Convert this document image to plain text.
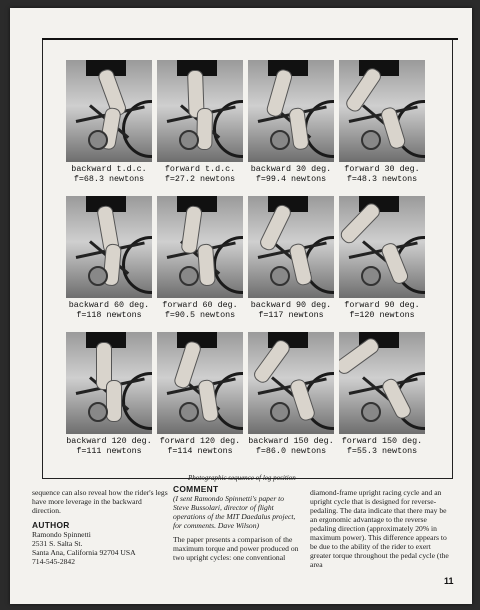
backward t.d.c.
f=68.3 newtons
forward t.d.c.
f=27.2 newtons
backward 30 deg.
f=99.4 newtons
forward 30 deg.
f=48.3 newtons
backward 60 deg.
f=118 newtons
forward 60 deg.
f=90.5 newtons
backward 90 deg.
f=117 newtons
forward 90 deg.
f=120 newtons
backward 120 deg.
f=111 newtons
forward 120 deg.
f=114 newtons
backward 150 deg.
f=86.0 newtons
forward 150 deg.
f=55.3 newtons
Photographic sequence of leg position

sequence can also reveal how the rider's legs have more leverage in the backward direction.

AUTHOR

Ramondo Spinnetti

2531 S. Salta St.

Santa Ana, California 92704 USA

714-545-2842

COMMENT

(I sent Ramondo Spinnetti's paper to Steve Bussolari, director of flight operations of the MIT Daedalus project, for comments. Dave Wilson)

The paper presents a comparison of the maximum torque and power produced on two upright cycles: one conventional

diamond-frame upright racing cycle and an upright cycle that is designed for reverse-pedaling. The data indicate that there may be an ergonomic advantage to the reverse pedaling direction (approximately 20% in maximum power). This difference appears to be due to the ability of the rider to exert greater torque throughout the pedal cycle (the area

11
